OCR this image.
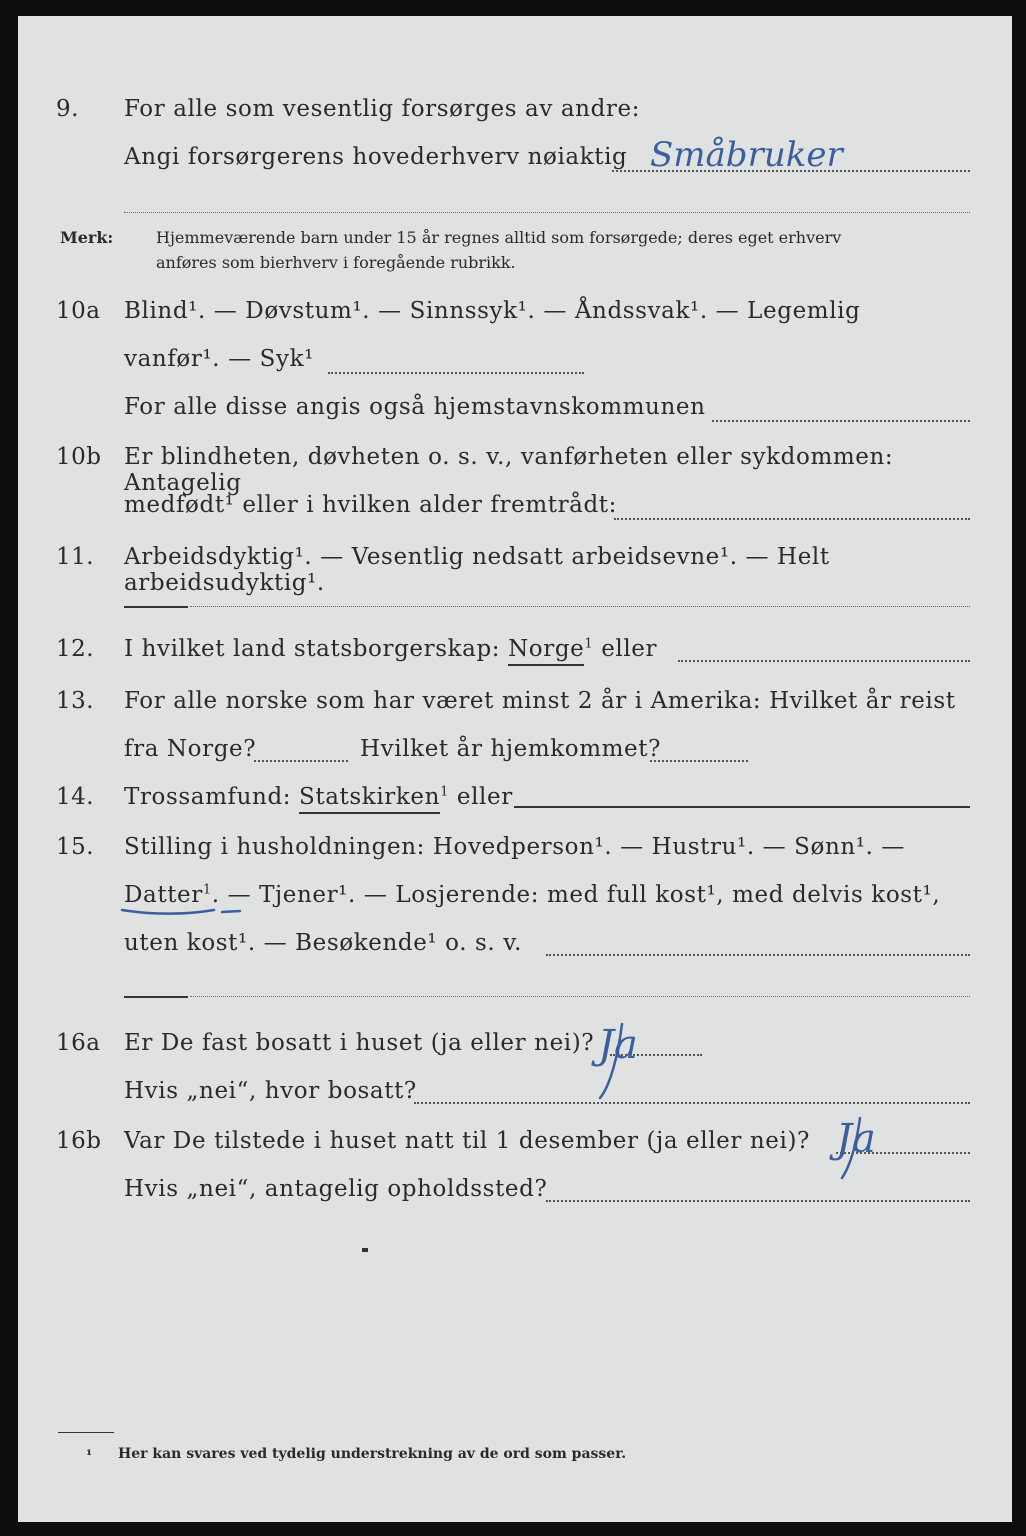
9. For alle som vesentlig forsørges av andre:
Angi forsørgerens hovederhverv nøiaktig Småbruker
Merk:	Hjemmeværende barn under 15 år regnes alltid som forsørgede; deres eget erhverv
anføres som bierhverv i foregående rubrikk.
10a Blind¹. — Døvstum¹. — Sinnssyk¹. — Åndssvak¹. — Legemlig
vanfør¹. — Syk¹
For alle disse angis også hjemstavnskommunen
10b Er blindheten, døvheten o. s. v., vanførheten eller sykdommen: Antagelig
medfødt¹ eller i hvilken alder fremtrådt:
11. Arbeidsdyktig¹. — Vesentlig nedsatt arbeidsevne¹. — Helt arbeidsudyktig¹.
12. I hvilket land statsborgerskap: Norge$^1$ eller
13. For alle norske som har været minst 2 år i Amerika: Hvilket år reist
fra Norge?	Hvilket år hjemkommet?
14. Trossamfund: Statskirken$^1$ eller
15. Stilling i husholdningen: Hovedperson¹. — Hustru¹. — Sønn¹. —
Datter$^1$. — Tjener¹. — Losjerende: med full kost¹, med delvis kost¹,
uten kost¹. — Besøkende¹ o. s. v.
16a Er De fast bosatt i huset (ja eller nei)? Ja
Hvis „nei“, hvor bosatt?
16b Var De tilstede i huset natt til 1 desember (ja eller nei)? Ja
Hvis „nei“, antagelig opholdssted?
¹ Her kan svares ved tydelig understrekning av de ord som passer.
